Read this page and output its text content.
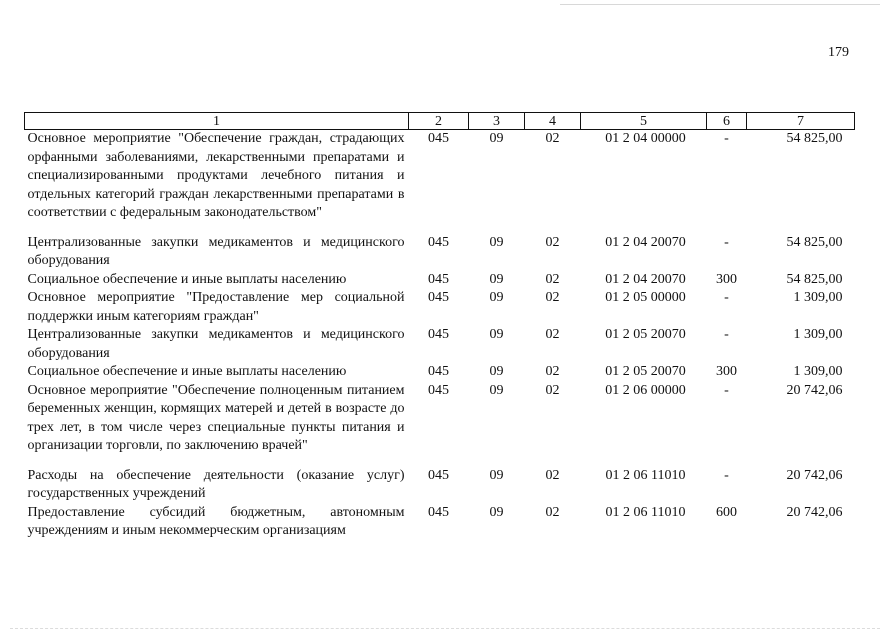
179
1	2	3	4	5	6	7
Основное мероприятие "Обеспечение граждан, страдающих орфанными заболеваниями, лекарственными препаратами и специализированными продуктами лечебного питания и отдельных категорий граждан лекарственными препаратами в соответствии с федеральным законодательством"	045	09	02	01 2 04 00000	-	54 825,00
Централизованные закупки медикаментов и медицинского оборудования	045	09	02	01 2 04 20070	-	54 825,00
Социальное обеспечение и иные выплаты населению	045	09	02	01 2 04 20070	300	54 825,00
Основное мероприятие "Предоставление мер социальной поддержки иным категориям граждан"	045	09	02	01 2 05 00000	-	1 309,00
Централизованные закупки медикаментов и медицинского оборудования	045	09	02	01 2 05 20070	-	1 309,00
Социальное обеспечение и иные выплаты населению	045	09	02	01 2 05 20070	300	1 309,00
Основное мероприятие "Обеспечение полноценным питанием беременных женщин, кормящих матерей и детей в возрасте до трех лет, в том числе через специальные пункты питания и организации торговли, по заключению врачей"	045	09	02	01 2 06 00000	-	20 742,06
Расходы на обеспечение деятельности (оказание услуг) государственных учреждений	045	09	02	01 2 06 11010	-	20 742,06
Предоставление субсидий бюджетным, автономным учреждениям и иным некоммерческим организациям	045	09	02	01 2 06 11010	600	20 742,06
